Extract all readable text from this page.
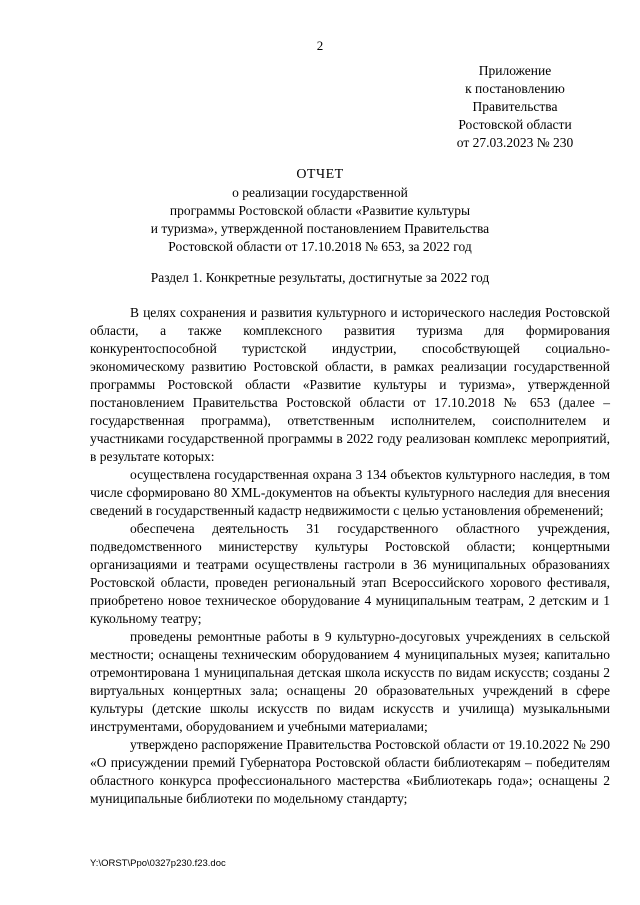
2
Приложение
к постановлению
Правительства
Ростовской области
от 27.03.2023 № 230
ОТЧЕТ
о реализации государственной
программы Ростовской области «Развитие культуры
и туризма», утвержденной постановлением Правительства
Ростовской области от 17.10.2018 № 653, за 2022 год
Раздел 1. Конкретные результаты, достигнутые за 2022 год

В целях сохранения и развития культурного и исторического наследия Ростовской области, а также комплексного развития туризма для формирования конкурентоспособной туристской индустрии, способствующей социально-экономическому развитию Ростовской области, в рамках реализации государственной программы Ростовской области «Развитие культуры и туризма», утвержденной постановлением Правительства Ростовской области от 17.10.2018 № 653 (далее – государственная программа), ответственным исполнителем, соисполнителем и участниками государственной программы в 2022 году реализован комплекс мероприятий, в результате которых:

осуществлена государственная охрана 3 134 объектов культурного наследия, в том числе сформировано 80 XML-документов на объекты культурного наследия для внесения сведений в государственный кадастр недвижимости с целью установления обременений;

обеспечена деятельность 31 государственного областного учреждения, подведомственного министерству культуры Ростовской области; концертными организациями и театрами осуществлены гастроли в 36 муниципальных образованиях Ростовской области, проведен региональный этап Всероссийского хорового фестиваля, приобретено новое техническое оборудование 4 муниципальным театрам, 2 детским и 1 кукольному театру;

проведены ремонтные работы в 9 культурно-досуговых учреждениях в сельской местности; оснащены техническим оборудованием 4 муниципальных музея; капитально отремонтирована 1 муниципальная детская школа искусств по видам искусств; созданы 2 виртуальных концертных зала; оснащены 20 образовательных учреждений в сфере культуры (детские школы искусств по видам искусств и училища) музыкальными инструментами, оборудованием и учебными материалами;

утверждено распоряжение Правительства Ростовской области от 19.10.2022 № 290 «О присуждении премий Губернатора Ростовской области библиотекарям – победителям областного конкурса профессионального мастерства «Библиотекарь года»; оснащены 2 муниципальные библиотеки по модельному стандарту;

Y:\ORST\Ppo\0327p230.f23.doc
